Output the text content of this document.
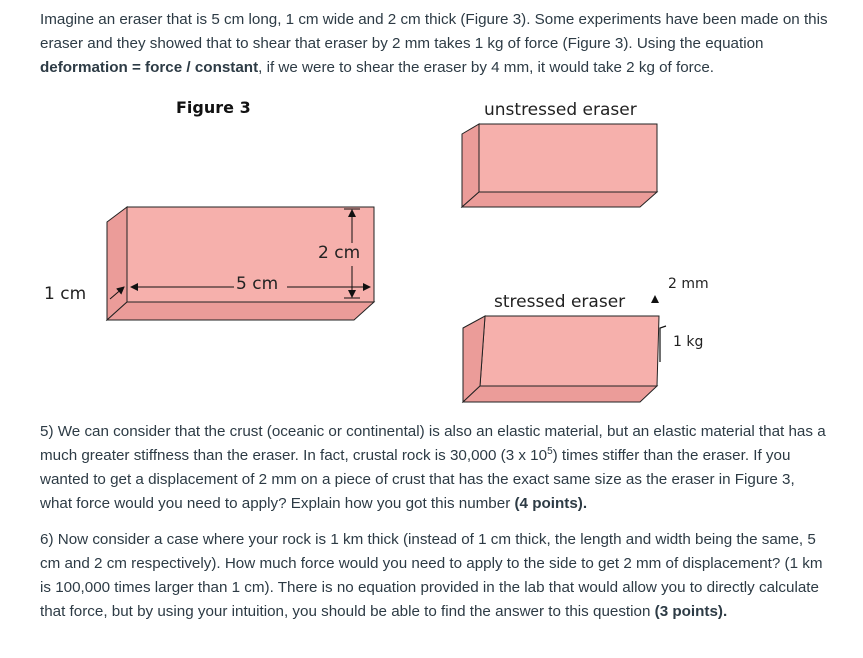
Imagine an eraser that is 5 cm long, 1 cm wide and 2 cm thick (Figure 3). Some experiments have been made on this eraser and they showed that to shear that eraser by 2 mm takes 1 kg of force (Figure 3). Using the equation deformation = force / constant, if we were to shear the eraser by 4 mm, it would take 2 kg of force.

Figure 3	unstressed eraser
stressed eraser
1 cm	5 cm
2 cm
2 mm
1 kg

5) We can consider that the crust (oceanic or continental) is also an elastic material, but an elastic material that has a much greater stiffness than the eraser. In fact, crustal rock is 30,000 (3 x $10^5$) times stiffer than the eraser. If you wanted to get a displacement of 2 mm on a piece of crust that has the exact same size as the eraser in Figure 3, what force would you need to apply? Explain how you got this number (4 points).

6) Now consider a case where your rock is 1 km thick (instead of 1 cm thick, the length and width being the same, 5 cm and 2 cm respectively). How much force would you need to apply to the side to get 2 mm of displacement? (1 km is 100,000 times larger than 1 cm). There is no equation provided in the lab that would allow you to directly calculate that force, but by using your intuition, you should be able to find the answer to this question (3 points).
